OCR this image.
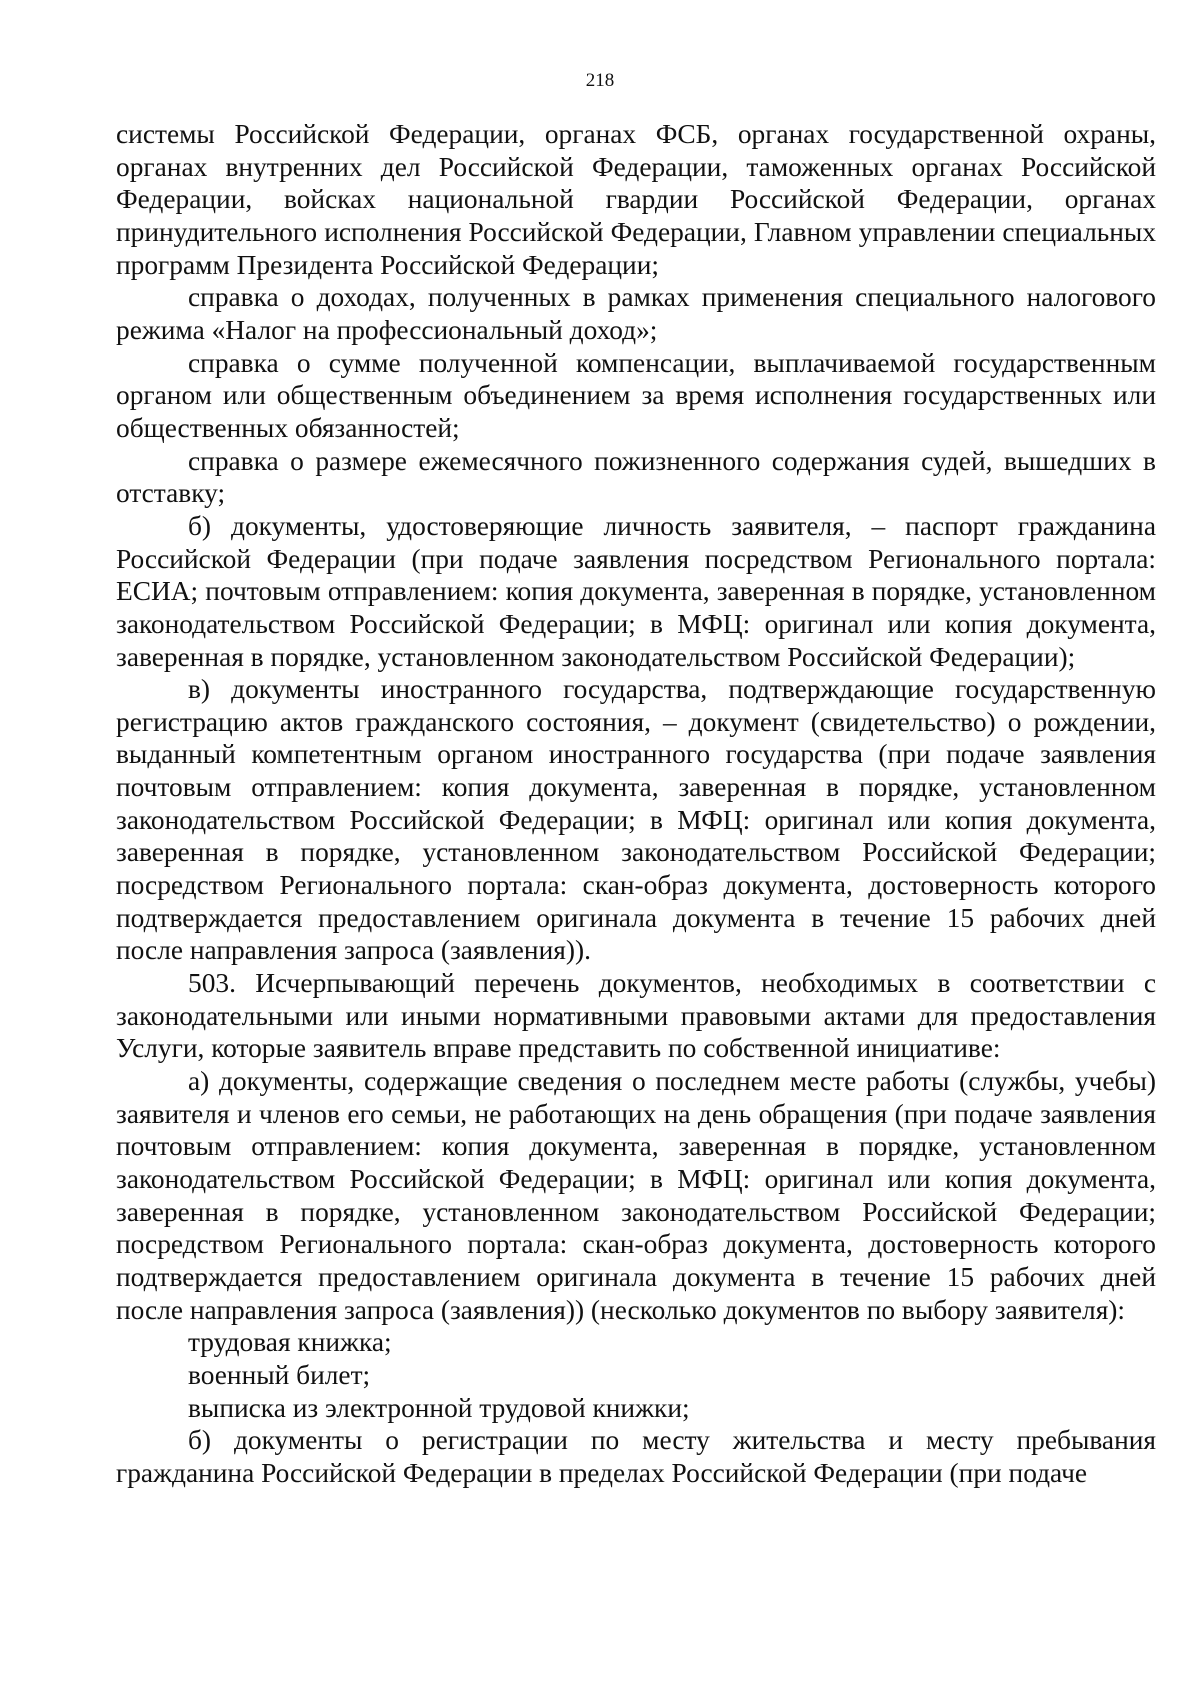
218

системы Российской Федерации, органах ФСБ, органах государственной охраны, органах внутренних дел Российской Федерации, таможенных органах Российской Федерации, войсках национальной гвардии Российской Федерации, органах принудительного исполнения Российской Федерации, Главном управлении специальных программ Президента Российской Федерации;

справка о доходах, полученных в рамках применения специального налогового режима «Налог на профессиональный доход»;

справка о сумме полученной компенсации, выплачиваемой государственным органом или общественным объединением за время исполнения государственных или общественных обязанностей;

справка о размере ежемесячного пожизненного содержания судей, вышедших в отставку;

б) документы, удостоверяющие личность заявителя, – паспорт гражданина Российской Федерации (при подаче заявления посредством Регионального портала: ЕСИА; почтовым отправлением: копия документа, заверенная в порядке, установленном законодательством Российской Федерации; в МФЦ: оригинал или копия документа, заверенная в порядке, установленном законодательством Российской Федерации);

в) документы иностранного государства, подтверждающие государственную регистрацию актов гражданского состояния, – документ (свидетельство) о рождении, выданный компетентным органом иностранного государства (при подаче заявления почтовым отправлением: копия документа, заверенная в порядке, установленном законодательством Российской Федерации; в МФЦ: оригинал или копия документа, заверенная в порядке, установленном законодательством Российской Федерации; посредством Регионального портала: скан-образ документа, достоверность которого подтверждается предоставлением оригинала документа в течение 15 рабочих дней после направления запроса (заявления)).

503. Исчерпывающий перечень документов, необходимых в соответствии с законодательными или иными нормативными правовыми актами для предоставления Услуги, которые заявитель вправе представить по собственной инициативе:

а) документы, содержащие сведения о последнем месте работы (службы, учебы) заявителя и членов его семьи, не работающих на день обращения (при подаче заявления почтовым отправлением: копия документа, заверенная в порядке, установленном законодательством Российской Федерации; в МФЦ: оригинал или копия документа, заверенная в порядке, установленном законодательством Российской Федерации; посредством Регионального портала: скан-образ документа, достоверность которого подтверждается предоставлением оригинала документа в течение 15 рабочих дней после направления запроса (заявления)) (несколько документов по выбору заявителя):

трудовая книжка;

военный билет;

выписка из электронной трудовой книжки;

б) документы о регистрации по месту жительства и месту пребывания гражданина Российской Федерации в пределах Российской Федерации (при подаче
